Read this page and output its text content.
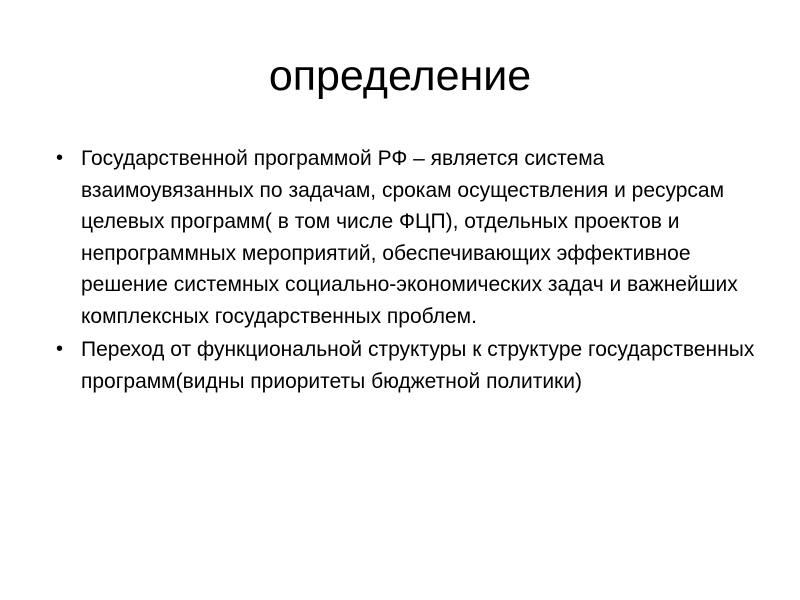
определение
• Государственной программой РФ – является система взаимоувязанных по задачам, срокам осуществления и ресурсам целевых программ( в том числе ФЦП), отдельных проектов и непрограммных мероприятий, обеспечивающих эффективное решение системных социально-экономических задач и важнейших комплексных государственных проблем.
• Переход от функциональной структуры к структуре государственных программ(видны приоритеты бюджетной политики)
